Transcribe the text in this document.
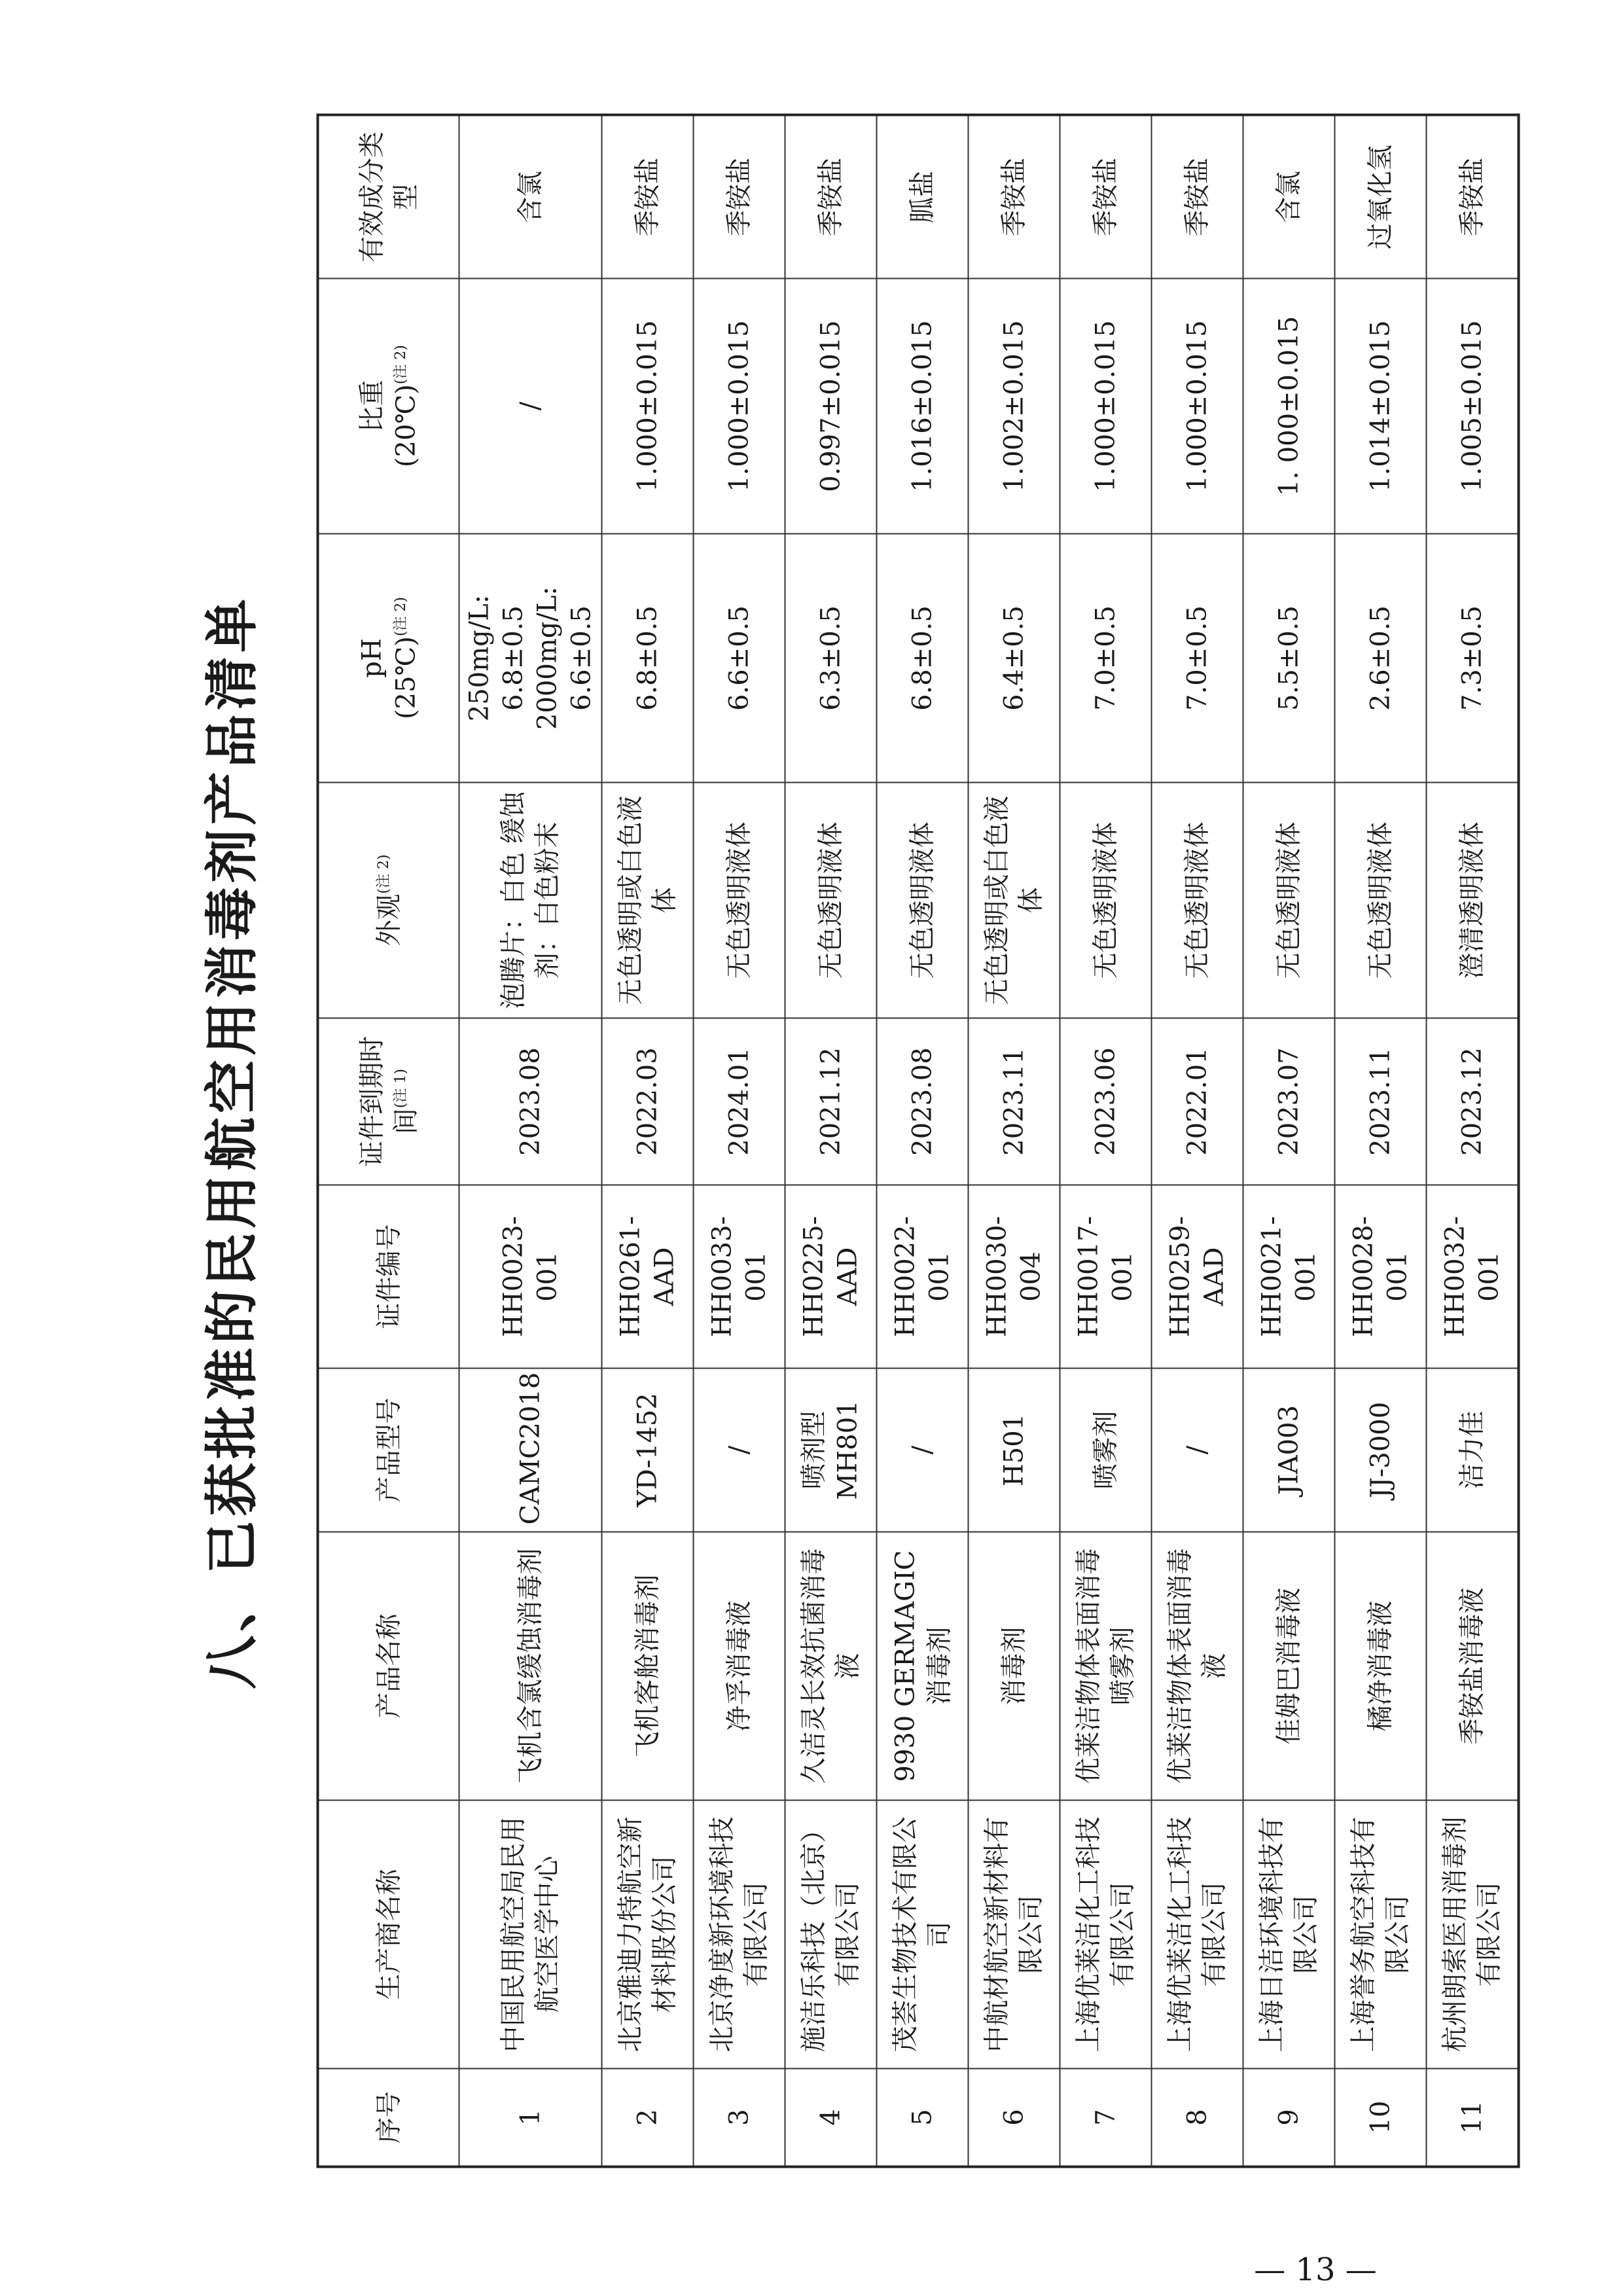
八、已获批准的民用航空用消毒剂产品清单
序号	生产商名称	产品名称	产品型号	证件编号	证件到期时间$^{(注 1)}$	外观$^{(注 2)}$	pH (25℃)$^{(注 2)}$	比重 (20℃)$^{(注 2)}$	有效成分类型
1	中国民用航空局民用航空医学中心	飞机含氯缓蚀消毒剂	CAMC2018	HH0023-001	2023.08	泡腾片：白色 缓蚀剂：白色粉末	250mg/L: 6.8±0.5 2000mg/L: 6.6±0.5	/	含氯
2	北京雅迪力特航空新材料股份公司	飞机客舱消毒剂	YD-1452	HH0261-AAD	2022.03	无色透明或白色液体	6.8±0.5	1.000±0.015	季铵盐
3	北京净度新环境科技有限公司	净孚消毒液	/	HH0033-001	2024.01	无色透明液体	6.6±0.5	1.000±0.015	季铵盐
4	施洁乐科技（北京）有限公司	久洁灵长效抗菌消毒液	喷剂型 MH801	HH0225-AAD	2021.12	无色透明液体	6.3±0.5	0.997±0.015	季铵盐
5	茂荟生物技术有限公司	9930 GERMAGIC 消毒剂	/	HH0022-001	2023.08	无色透明液体	6.8±0.5	1.016±0.015	胍盐
6	中航材航空新材料有限公司	消毒剂	H501	HH0030-004	2023.11	无色透明或白色液体	6.4±0.5	1.002±0.015	季铵盐
7	上海优莱洁化工科技有限公司	优莱洁物体表面消毒喷雾剂	喷雾剂	HH0017-001	2023.06	无色透明液体	7.0±0.5	1.000±0.015	季铵盐
8	上海优莱洁化工科技有限公司	优莱洁物体表面消毒液	/	HH0259-AAD	2022.01	无色透明液体	7.0±0.5	1.000±0.015	季铵盐
9	上海日洁环境科技有限公司	佳姆巴消毒液	JIA003	HH0021-001	2023.07	无色透明液体	5.5±0.5	1. 000±0.015	含氯
10	上海誉务航空科技有限公司	橘净消毒液	JJ-3000	HH0028-001	2023.11	无色透明液体	2.6±0.5	1.014±0.015	过氧化氢
11	杭州朗索医用消毒剂有限公司	季铵盐消毒液	洁力佳	HH0032-001	2023.12	澄清透明液体	7.3±0.5	1.005±0.015	季铵盐
— 13 —
